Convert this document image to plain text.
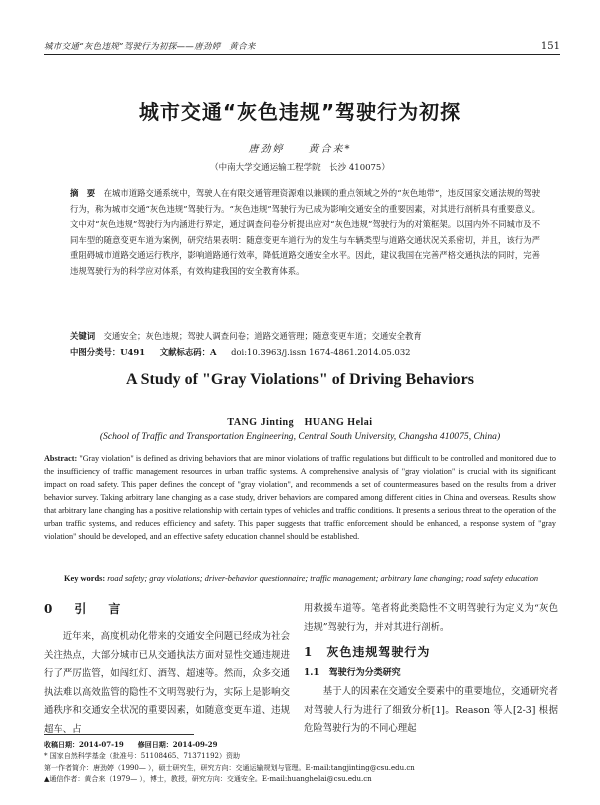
城市交通“灰色违规”驾驶行为初探——唐劲婷　黄合来	151
城市交通“灰色违规”驾驶行为初探
唐劲婷　　黄合来*
（中南大学交通运输工程学院　长沙 410075）
摘　要　在城市道路交通系统中，驾驶人在有限交通管理资源难以兼顾的重点领域之外的“灰色地带”，违反国家交通法规的驾驶行为，称为城市交通“灰色违规”驾驶行为。“灰色违规”驾驶行为已成为影响交通安全的重要因素，对其进行剖析具有重要意义。文中对“灰色违规”驾驶行为内涵进行界定，通过调查问卷分析提出应对“灰色违规”驾驶行为的对策框架。以国内外不同城市及不同车型的随意变更车道为案例，研究结果表明：随意变更车道行为的发生与车辆类型与道路交通状况关系密切，并且，该行为严重阻碍城市道路交通运行秩序，影响道路通行效率，降低道路交通安全水平。因此，建议我国在完善严格交通执法的同时，完善违规驾驶行为的科学应对体系，有效构建我国的安全教育体系。
关键词　交通安全；灰色违规；驾驶人调查问卷；道路交通管理；随意变更车道；交通安全教育
中图分类号：U491 文献标志码：A doi:10.3963/j.issn 1674-4861.2014.05.032
A Study of "Gray Violations" of Driving Behaviors
TANG Jinting　HUANG Helai
(School of Traffic and Transportation Engineering, Central South University, Changsha 410075, China)
Abstract: "Gray violation" is defined as driving behaviors that are minor violations of traffic regulations but difficult to be controlled and monitored due to the insufficiency of traffic management resources in urban traffic systems. A comprehensive analysis of "gray violation" is crucial with its significant impact on road safety. This paper defines the concept of "gray violation", and recommends a set of countermeasures based on the results from a driver behavior survey. Taking arbitrary lane changing as a case study, driver behaviors are compared among different cities in China and overseas. Results show that arbitrary lane changing has a positive relationship with certain types of vehicles and traffic conditions. It presents a serious threat to the operation of the urban traffic systems, and reduces efficiency and safety. This paper suggests that traffic enforcement should be enhanced, a response system of "gray violation" should be developed, and an effective safety education channel should be established.
Key words: road safety; gray violations; driver-behavior questionnaire; traffic management; arbitrary lane changing; road safety education
0　引　言

近年来，高度机动化带来的交通安全问题已经成为社会关注热点，大部分城市已从交通执法方面对显性交通违规进行了严厉监管，如闯红灯、酒驾、超速等。然而，众多交通执法难以高效监管的隐性不文明驾驶行为，实际上是影响交通秩序和交通安全状况的重要因素，如随意变更车道、违规超车、占

用救援车道等。笔者将此类隐性不文明驾驶行为定义为“灰色违规”驾驶行为，并对其进行剖析。

1　灰色违规驾驶行为
1.1　驾驶行为分类研究

基于人的因素在交通安全要素中的重要地位，交通研究者对驾驶人行为进行了细致分析[1]。Reason 等人[2-3] 根据危险驾驶行为的不同心理起

收稿日期：2014-07-19　　修回日期：2014-09-29
* 国家自然科学基金（批准号：51108465、71371192）资助
第一作者简介：唐劲婷（1990— ），硕士研究生，研究方向：交通运输规划与管理。E-mail:tangjinting@csu.edu.cn
▲通信作者：黄合来（1979— ），博士，教授，研究方向：交通安全。E-mail:huanghelai@csu.edu.cn
